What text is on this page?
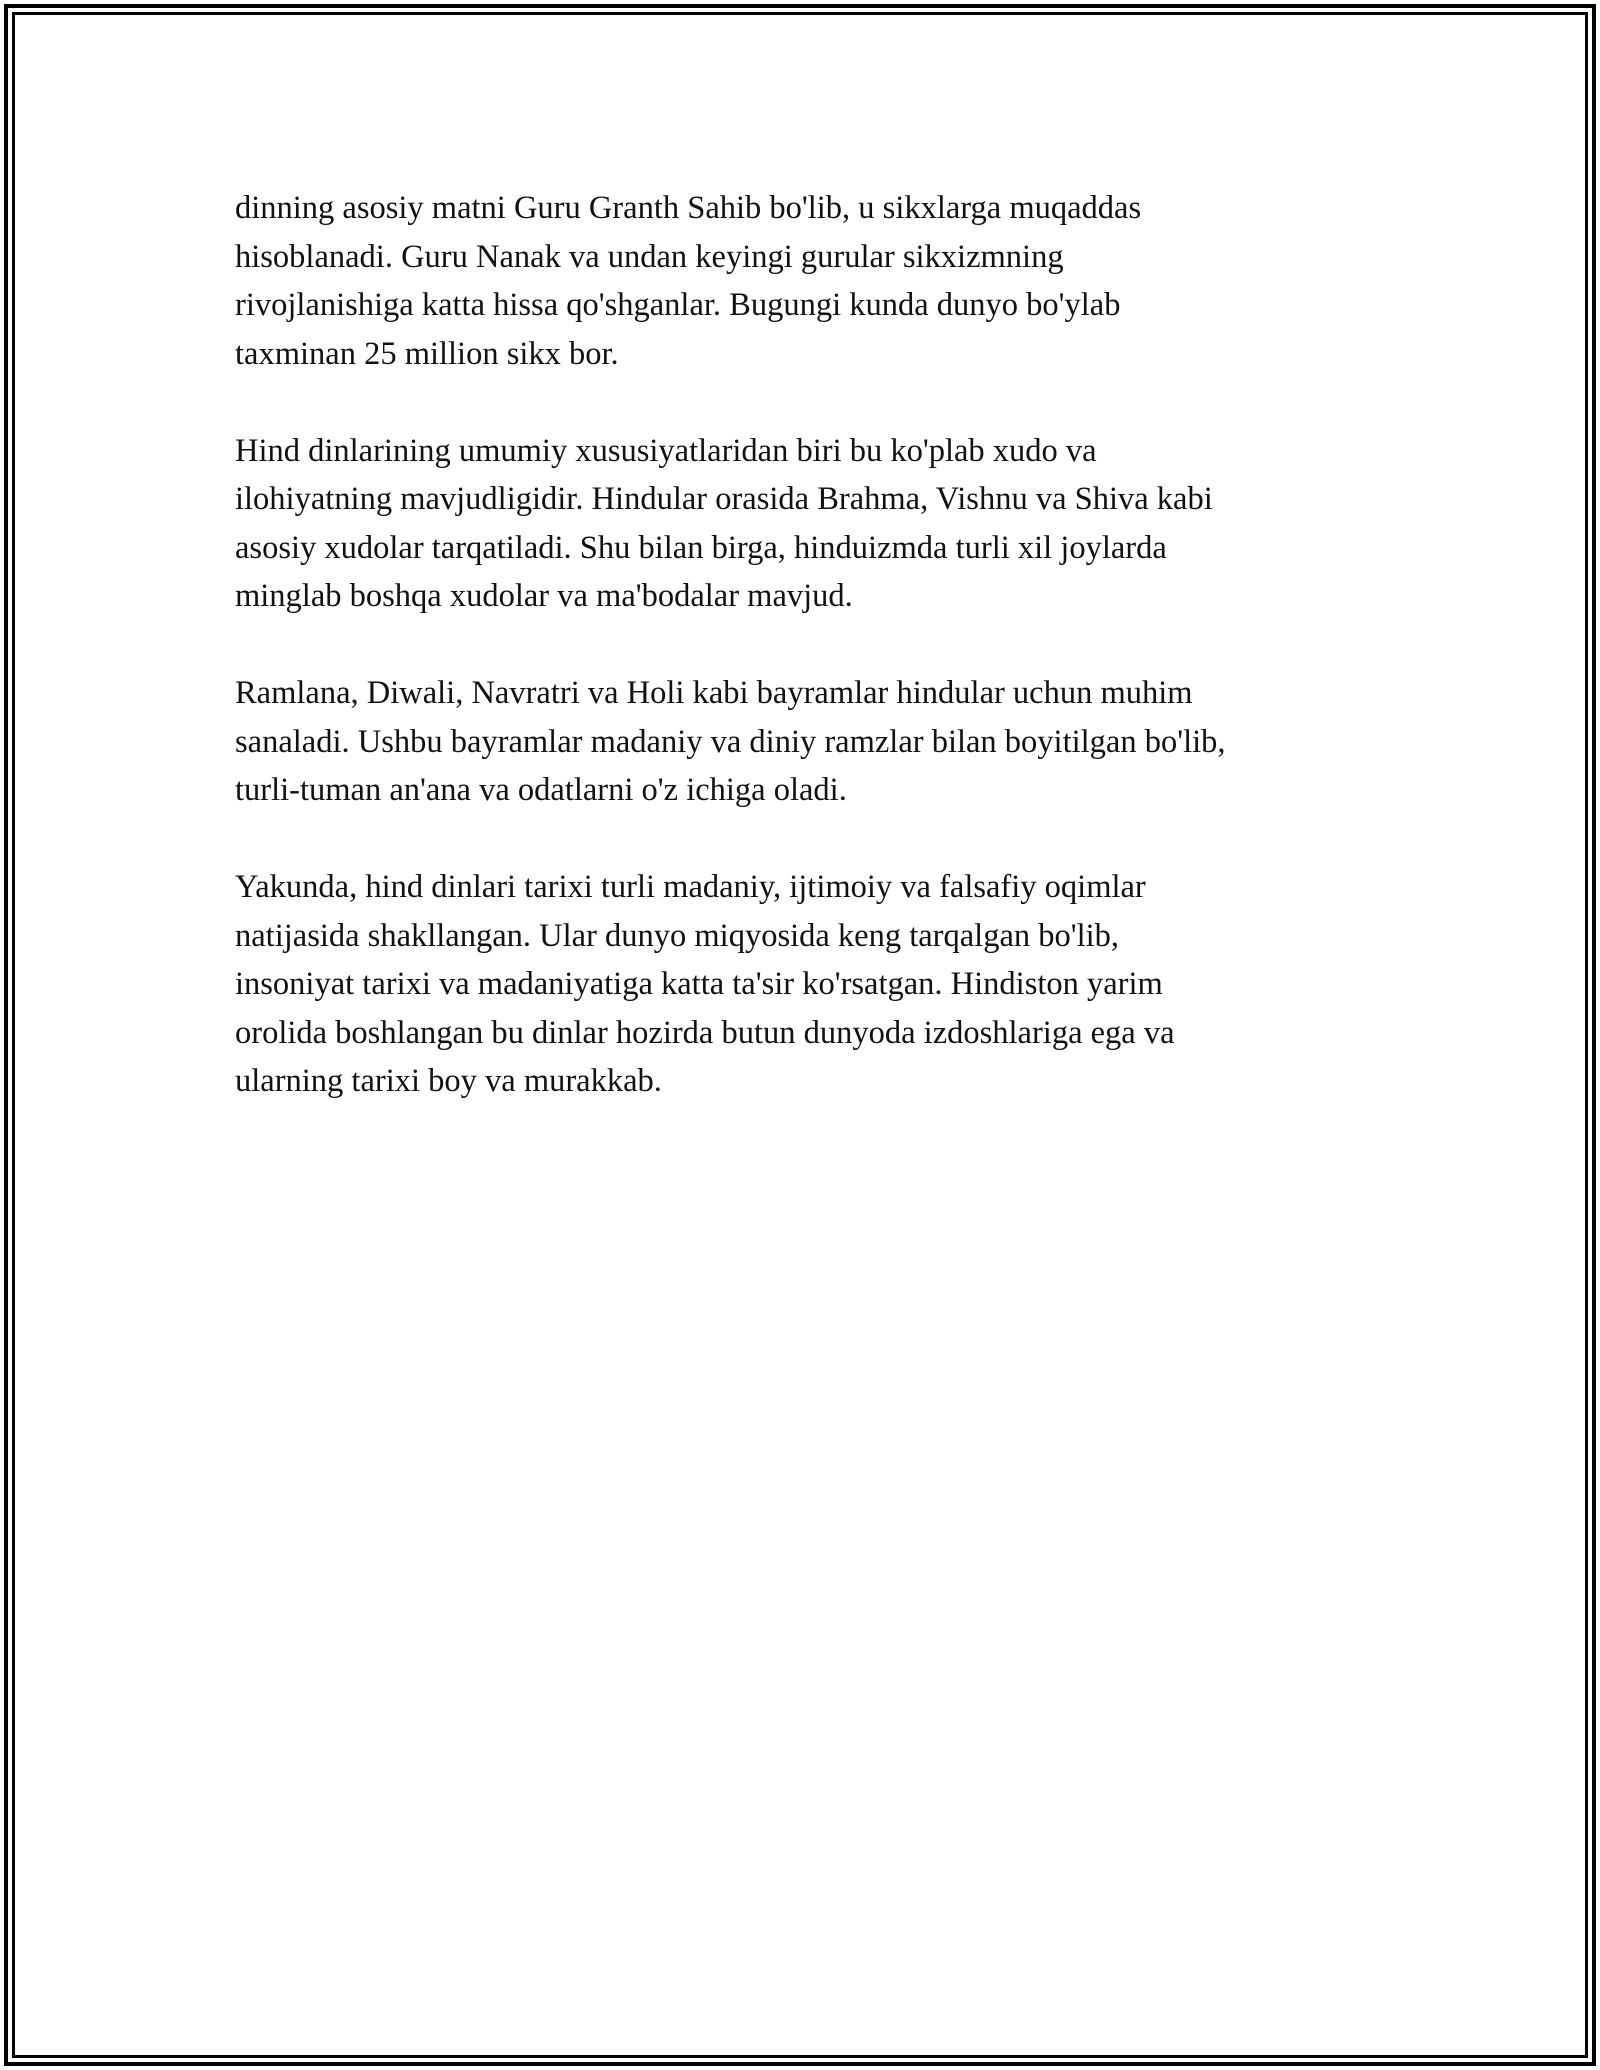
dinning asosiy matni Guru Granth Sahib bo'lib, u sikxlarga muqaddas
hisoblanadi. Guru Nanak va undan keyingi gurular sikxizmning
rivojlanishiga katta hissa qo'shganlar. Bugungi kunda dunyo bo'ylab
taxminan 25 million sikx bor.

Hind dinlarining umumiy xususiyatlaridan biri bu ko'plab xudo va
ilohiyatning mavjudligidir. Hindular orasida Brahma, Vishnu va Shiva kabi
asosiy xudolar tarqatiladi. Shu bilan birga, hinduizmda turli xil joylarda
minglab boshqa xudolar va ma'bodalar mavjud.

Ramlana, Diwali, Navratri va Holi kabi bayramlar hindular uchun muhim
sanaladi. Ushbu bayramlar madaniy va diniy ramzlar bilan boyitilgan bo'lib,
turli-tuman an'ana va odatlarni o'z ichiga oladi.

Yakunda, hind dinlari tarixi turli madaniy, ijtimoiy va falsafiy oqimlar
natijasida shakllangan. Ular dunyo miqyosida keng tarqalgan bo'lib,
insoniyat tarixi va madaniyatiga katta ta'sir ko'rsatgan. Hindiston yarim
orolida boshlangan bu dinlar hozirda butun dunyoda izdoshlariga ega va
ularning tarixi boy va murakkab.
